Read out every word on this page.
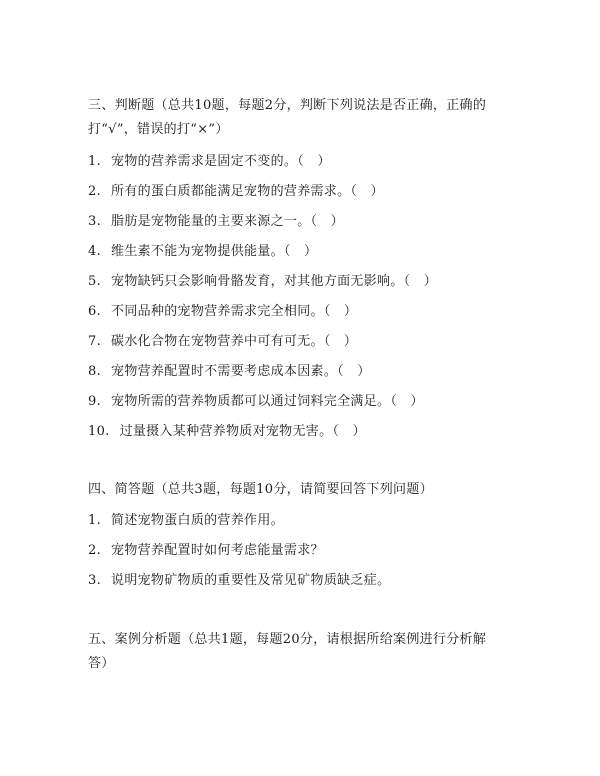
三、判断题（总共10题，每题2分，判断下列说法是否正确，正确的
打“√”，错误的打“×”）
1. 宠物的营养需求是固定不变的。（　）
2. 所有的蛋白质都能满足宠物的营养需求。（　）
3. 脂肪是宠物能量的主要来源之一。（　）
4. 维生素不能为宠物提供能量。（　）
5. 宠物缺钙只会影响骨骼发育，对其他方面无影响。（　）
6. 不同品种的宠物营养需求完全相同。（　）
7. 碳水化合物在宠物营养中可有可无。（　）
8. 宠物营养配置时不需要考虑成本因素。（　）
9. 宠物所需的营养物质都可以通过饲料完全满足。（　）
10. 过量摄入某种营养物质对宠物无害。（　）
四、简答题（总共3题，每题10分，请简要回答下列问题）
1. 简述宠物蛋白质的营养作用。
2. 宠物营养配置时如何考虑能量需求？
3. 说明宠物矿物质的重要性及常见矿物质缺乏症。
五、案例分析题（总共1题，每题20分，请根据所给案例进行分析解
答）
